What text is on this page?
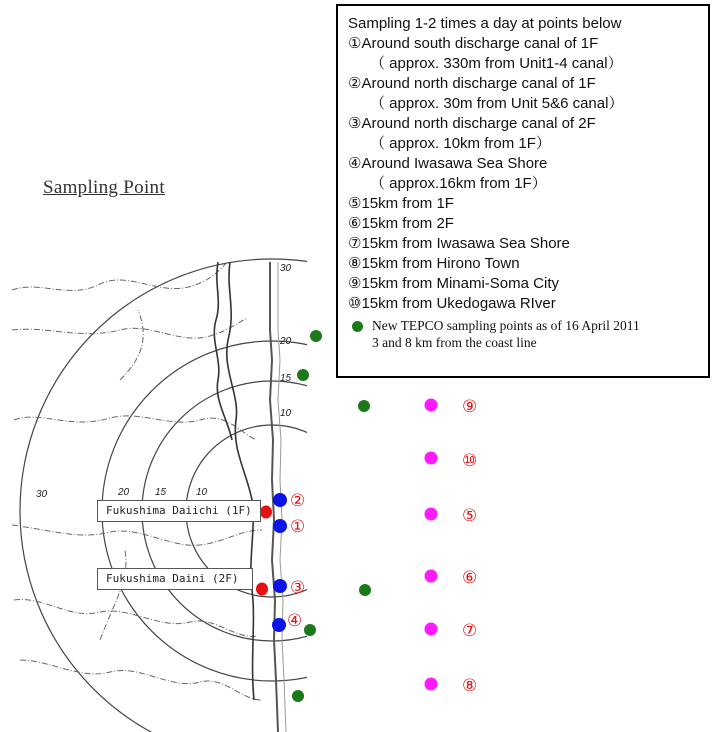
30
20
15
10
30	20	15	10	②
①
③
④
⑨
⑩
⑤
⑥
⑦
⑧
Sampling Point
Fukushima Daiichi (1F)
Fukushima Daini (2F)
Sampling 1-2 times a day at points below
①Around south discharge canal of 1F
（ approx. 330m from Unit1-4 canal）
②Around north discharge canal of 1F
（ approx. 30m from Unit 5&6 canal）
③Around north discharge canal of 2F
（ approx. 10km from 1F）
④Around Iwasawa Sea Shore
（ approx.16km from 1F）
⑤15km from 1F
⑥15km from 2F
⑦15km from Iwasawa Sea Shore
⑧15km from Hirono Town
⑨15km from Minami-Soma City
⑩15km from Ukedogawa RIver
New TEPCO sampling points as of 16 April 2011
3 and 8 km from the coast line
